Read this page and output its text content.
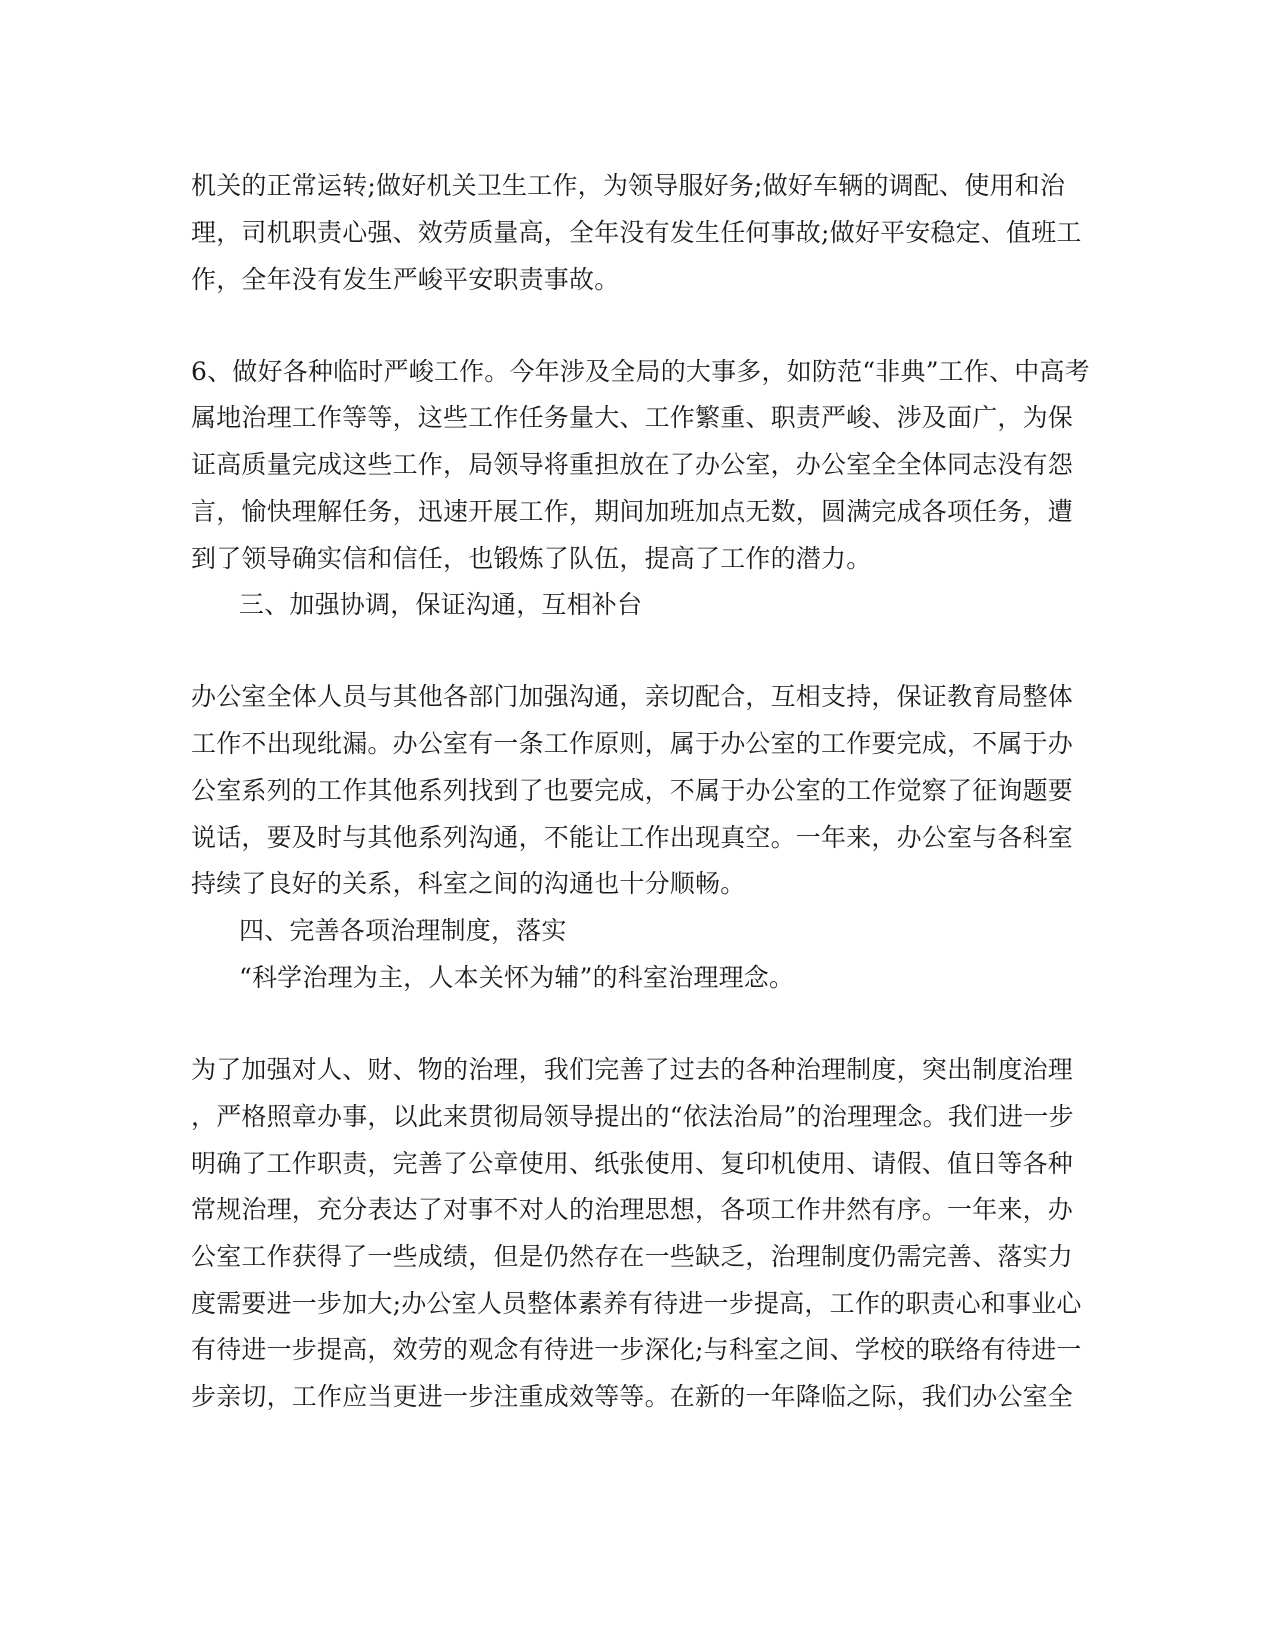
机关的正常运转;做好机关卫生工作，为领导服好务;做好车辆的调配、使用和治
理，司机职责心强、效劳质量高，全年没有发生任何事故;做好平安稳定、值班工
作，全年没有发生严峻平安职责事故。
6、做好各种临时严峻工作。今年涉及全局的大事多，如防范“非典”工作、中高考
属地治理工作等等，这些工作任务量大、工作繁重、职责严峻、涉及面广，为保
证高质量完成这些工作，局领导将重担放在了办公室，办公室全全体同志没有怨
言，愉快理解任务，迅速开展工作，期间加班加点无数，圆满完成各项任务，遭
到了领导确实信和信任，也锻炼了队伍，提高了工作的潜力。
三、加强协调，保证沟通，互相补台
办公室全体人员与其他各部门加强沟通，亲切配合，互相支持，保证教育局整体
工作不出现纰漏。办公室有一条工作原则，属于办公室的工作要完成，不属于办
公室系列的工作其他系列找到了也要完成，不属于办公室的工作觉察了征询题要
说话，要及时与其他系列沟通，不能让工作出现真空。一年来，办公室与各科室
持续了良好的关系，科室之间的沟通也十分顺畅。
四、完善各项治理制度，落实
“科学治理为主，人本关怀为辅”的科室治理理念。
为了加强对人、财、物的治理，我们完善了过去的各种治理制度，突出制度治理
，严格照章办事，以此来贯彻局领导提出的“依法治局”的治理理念。我们进一步
明确了工作职责，完善了公章使用、纸张使用、复印机使用、请假、值日等各种
常规治理，充分表达了对事不对人的治理思想，各项工作井然有序。一年来，办
公室工作获得了一些成绩，但是仍然存在一些缺乏，治理制度仍需完善、落实力
度需要进一步加大;办公室人员整体素养有待进一步提高，工作的职责心和事业心
有待进一步提高，效劳的观念有待进一步深化;与科室之间、学校的联络有待进一
步亲切，工作应当更进一步注重成效等等。在新的一年降临之际，我们办公室全
